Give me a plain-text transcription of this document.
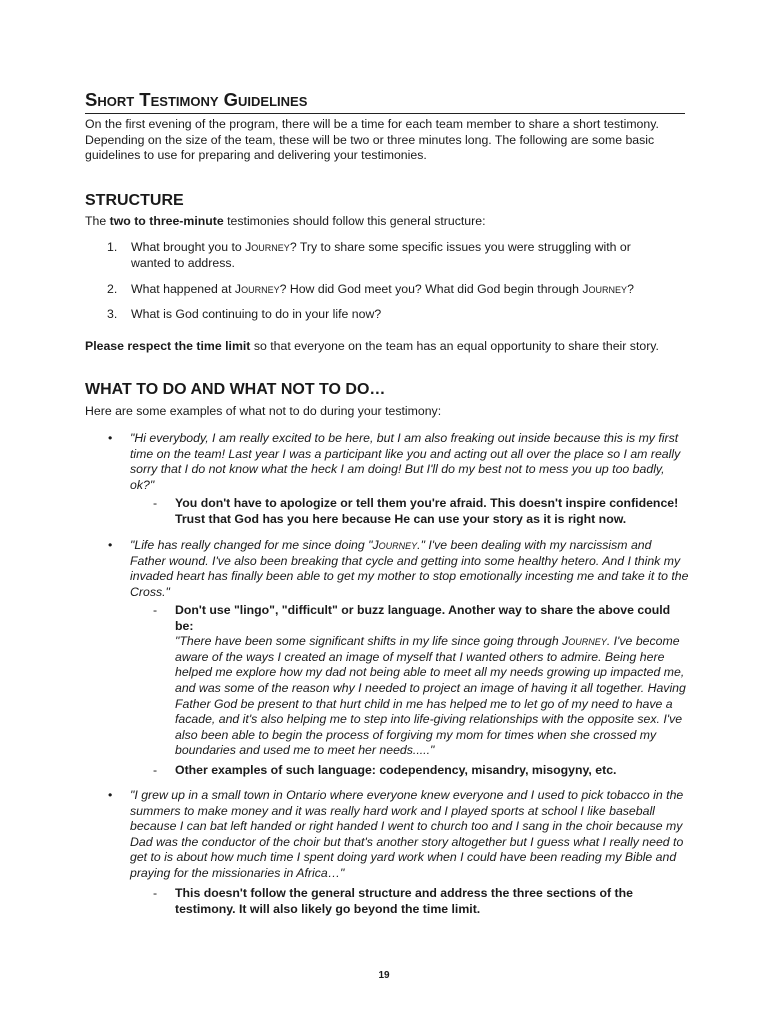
Short Testimony Guidelines
On the first evening of the program, there will be a time for each team member to share a short testimony. Depending on the size of the team, these will be two or three minutes long. The following are some basic guidelines to use for preparing and delivering your testimonies.
STRUCTURE
The two to three-minute testimonies should follow this general structure:
1. What brought you to Journey? Try to share some specific issues you were struggling with or wanted to address.
2. What happened at Journey? How did God meet you? What did God begin through Journey?
3. What is God continuing to do in your life now?
Please respect the time limit so that everyone on the team has an equal opportunity to share their story.
WHAT TO DO AND WHAT NOT TO DO…
Here are some examples of what not to do during your testimony:
• "Hi everybody, I am really excited to be here, but I am also freaking out inside because this is my first time on the team! Last year I was a participant like you and acting out all over the place so I am really sorry that I do not know what the heck I am doing! But I'll do my best not to mess you up too badly, ok?"
- You don't have to apologize or tell them you're afraid. This doesn't inspire confidence! Trust that God has you here because He can use your story as it is right now.
• "Life has really changed for me since doing "Journey." I've been dealing with my narcissism and Father wound. I've also been breaking that cycle and getting into some healthy hetero. And I think my invaded heart has finally been able to get my mother to stop emotionally incesting me and take it to the Cross."
- Don't use "lingo", "difficult" or buzz language. Another way to share the above could be:
"There have been some significant shifts in my life since going through Journey. I've become aware of the ways I created an image of myself that I wanted others to admire. Being here helped me explore how my dad not being able to meet all my needs growing up impacted me, and was some of the reason why I needed to project an image of having it all together. Having Father God be present to that hurt child in me has helped me to let go of my need to have a facade, and it's also helping me to step into life-giving relationships with the opposite sex. I've also been able to begin the process of forgiving my mom for times when she crossed my boundaries and used me to meet her needs....."
- Other examples of such language: codependency, misandry, misogyny, etc.
• "I grew up in a small town in Ontario where everyone knew everyone and I used to pick tobacco in the summers to make money and it was really hard work and I played sports at school I like baseball because I can bat left handed or right handed I went to church too and I sang in the choir because my Dad was the conductor of the choir but that's another story altogether but I guess what I really need to get to is about how much time I spent doing yard work when I could have been reading my Bible and praying for the missionaries in Africa…"
- This doesn't follow the general structure and address the three sections of the testimony. It will also likely go beyond the time limit.
19
